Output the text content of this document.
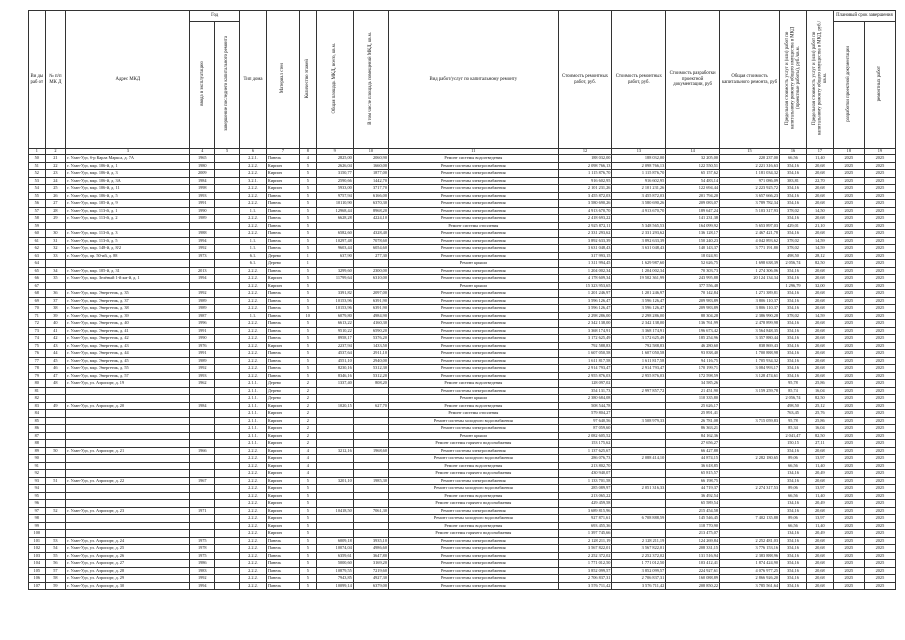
Ви ды раб от	№ п/п МК Д	Адрес МКД	Год		Тип дома	Материал стен	Количество этажей	Общая площадь МКД, всего, кв.м.	В том числе площадь помещений МКД, кв.м.	Вид работ/услуг по капитальному ремонту	Стоимость ремонтных работ, руб.	Стоимость ремонтных работ, руб.	Стоимость разработки проектной документации, руб	Общая стоимость капитального ремонта, руб	Предельная стоимость услуг и (или) работ по капитальному ремонту общего имущества в МКД (проектные работы), руб./кв.м.	Предельная стоимость услуг и (или) работ по капитальному ремонту общего имущества в МКД, руб./кв.м.	Плановый срок завершения	
			ввода в эксплуатацию	завершение последнего капитального ремонта													разработки проектной документации	ремонтных работ
1	2	3	4	5	6	7	8	9	10	11	12	13	14	15	16	17	18	19
50	21	г. Улан-Удэ, б-р Карла Маркса, д. 7А	1965		2.2.1.	Панель	4	2825,00	2060,90	Ремонт системы водоотведения	188 032,00	188 032,00	32 205,00	220 237,00	66,56	11,40	2025	2025
51	22	г. Улан-Удэ, мкр. 106-й, д. 1	1980		2.2.2.	Кирпич	5	2626,04	1660,00	Ремонт системы электроснабжения	2 098 766,13	2 098 766,13	122 550,51	2 221 316,63	354,16	20,68	2025	2025
52	23	г. Улан-Удэ, мкр. 106-й, д. 3	2009		2.2.2.	Кирпич	5	3150,77	1877,00	Ремонт системы электроснабжения	1 115 876,70	1 115 876,70	65 157,62	1 181 034,32	354,16	20,68	2025	2025
53	24	г. Улан-Удэ, мкр. 106-й, д. 3А	1984		3.2.1.	Кирпич	5	2590,66	1442,70	Ремонт системы электроснабжения	916 602,95	916 602,95	54 483,14	971 086,09	383,81	22,70	2025	2025
54	25	г. Улан-Удэ, мкр. 106-й, д. 11	1998		2.2.2.	Кирпич	5	5933,00	3717,70	Ремонт системы электроснабжения	2 101 231,26	2 101 231,26	122 694,44	2 223 925,72	354,16	20,68	2025	2025
55	26	г. Улан-Удэ, мкр. 106-й, д. 5	1993		2.2.2.	Панель	5	9757,94	6166,00	Ремонт системы электроснабжения	3 455 872,03	3 455 872,03	201 794,20	3 657 666,23	354,16	20,68	2025	2025
56	27	г. Улан-Удэ, мкр. 105-й, д. 9	1991		2.2.2.	Панель	5	10110,90	6370,30	Ремонт системы электроснабжения	3 580 690,26	3 580 690,26	209 083,07	3 789 782,34	354,16	20,68	2025	2025
57	28	г. Улан-Удэ, мкр. 113-й, д. 1	1990		1.1.	Панель	5	12968,44	8968,20	Ремонт системы электроснабжения	4 913 670,70	4 913 670,70	189 647,24	5 103 317,93	378,02	14,50	2025	2025
58	29	г. Улан-Удэ, мкр. 113-й, д. 2	1989		2.2.2.	Панель	5	6628,28	4224,10	Ремонт системы электроснабжения	2 418 693,22		141 231,38		354,16	20,68	2025	2025
59					2.2.2.	Панель	5			Ремонт системы отопления	2 925 872,11	5 348 565,53	164 099,92	5 653 897,03	429,01	21,10	2025	2025
60	30	г. Улан-Удэ, мкр. 113-й, д. 3	1988		2.2.2.	Панель	5	6582,60	4328,40	Ремонт системы электроснабжения	2 331 293,62	2 331 293,62	136 128,17	2 467 421,78	354,16	20,68	2025	2025
61	31	г. Улан-Удэ, мкр. 113-й, д. 5	1994		1.1.	Панель	5	10297,48	7078,60	Ремонт системы электроснабжения	3 892 633,39	3 892 633,39	150 240,23	4 042 893,62	378,02	14,59	2025	2025
62	32	г. Улан-Удэ, мкр. 148-й, д. 8/2	1992		1.1.	Панель	5	9603,44	6054,60	Ремонт системы электроснабжения	3 631 048,43	3 631 048,43	140 143,37	3 771 191,80	378,02	14,59	2025	2025
63	33	г. Улан-Удэ, пр. 50-ий, д. 88	1973		6.1.	Дерево	1	637,90	277,30	Ремонт системы электроснабжения	317 993,15		18 024,91		498,50	28,12	2025	2025
64					6.1.	Дерево	1			Ремонт крыши	1 311 994,45	1 629 987,60	52 626,75	1 698 638,39	2 056,74	82,50	2025	2025
65	34	г. Улан-Удэ, мкр. 105-й, д. 31	2013		2.2.2.	Панель	5	3299,60	2300,00	Ремонт системы электроснабжения	1 204 002,34	1 204 002,34	70 303,73	1 274 306,06	354,16	20,68	2025	2025
66	35	г. Улан-Удэ, мкр. Зелёный 1-й км-й, д. 1	1994		2.2.2.	Кирпич	5	11799,64	6310,00	Ремонт системы электроснабжения	4 178 609,34	19 502 361,99	243 995,88	20 124 134,34	354,16	20,68	2025	2025
67					2.2.2.	Кирпич	5			Ремонт крыши	15 323 953,65		377 556,48		1 296,79	32,00	2025	2025
68	36	г. Улан-Удэ, мкр. Энергетик, д. 35	1992		2.2.2.	Панель	5	3391,82	2097,00	Ремонт системы электроснабжения	1 201 246,97	1 201 246,97	70 142,84	1 271 389,81	354,16	20,68	2025	2025
69	37	г. Улан-Удэ, мкр. Энергетик, д. 37	1989		2.2.2.	Панель	5	10153,96	6391,90	Ремонт системы электроснабжения	3 596 126,47	3 596 126,47	209 983,89	3 806 110,37	354,16	20,68	2025	2025
70	38	г. Улан-Удэ, мкр. Энергетик, д. 38	1989		2.2.2.	Панель	5	10153,96	6391,90	Ремонт системы электроснабжения	3 596 126,47	3 596 126,47	209 983,89	3 806 110,37	354,16	20,68	2025	2025
71	39	г. Улан-Удэ, мкр. Энергетик, д. 39	1987		1.1.	Панель	10	6079,80	4984,90	Ремонт системы электроснабжения	2 298 286,00	2 298 286,00	88 304,28	2 386 990,28	378,02	14,59	2025	2025
72	40	г. Улан-Удэ, мкр. Энергетик, д. 40	1996		2.2.2.	Панель	5	6613,22	4160,30	Ремонт системы электроснабжения	2 342 138,00	2 342 138,00	136 761,99	2 478 899,98	354,16	20,68	2025	2025
73	41	г. Улан-Удэ, мкр. Энергетик, д. 41	1991		2.2.2.	Панель	5	9510,22	6590,20	Ремонт системы электроснабжения	3 368 174,91	3 368 174,91	196 673,42	3 564 848,35	354,16	20,68	2025	2025
74	42	г. Улан-Удэ, мкр. Энергетик, д. 42	1990		2.2.2.	Панель	5	8958,17	5376,20	Ремонт системы электроснабжения	3 172 625,49	3 172 625,49	185 254,96	3 357 880,44	354,16	20,68	2025	2025
75	43	г. Улан-Удэ, мкр. Энергетик, д. 43	1976		2.2.2.	Кирпич	5	2237,94	1433,50	Ремонт системы электроснабжения	792 588,83	792 588,83	46 280,60	838 869,43	354,16	20,68	2025	2025
76	44	г. Улан-Удэ, мкр. Энергетик, д. 44	1991		2.2.2.	Панель	5	4537,64	2911,10	Ремонт системы электроснабжения	1 607 050,58	1 607 050,58	93 838,40	1 700 888,98	354,16	20,68	2025	2025
77	45	г. Улан-Удэ, мкр. Энергетик, д. 45	1989		2.2.2.	Панель	5	4551,10	2940,00	Ремонт системы электроснабжения	1 611 817,58	1 611 817,58	94 116,75	1 705 934,32	354,16	20,68	2025	2025
78	46	г. Улан-Удэ, мкр. Энергетик, д. 55	1992		2.2.2.	Панель	5	8230,16	5312,30	Ремонт системы электроснабжения	2 914 793,47	2 914 793,47	170 199,71	3 084 993,17	354,16	20,68	2025	2025
79	47	г. Улан-Удэ, мкр. Энергетик, д. 57	1993		2.2.2.	Панель	5	8346,16	5312,20	Ремонт системы электроснабжения	2 955 876,03	2 955 876,03	172 598,59	3 128 474,61	354,16	20,68	2025	2025
80	48	г. Улан-Удэ, ул. Аэропорт, д. 19	1962		2.1.1.	Дерево	2	1337,40	808,20	Ремонт системы водоотведения	128 097,02		34 585,26		95,78	25,86	2025	2025
81					2.1.1.	Дерево	2			Ремонт системы электроснабжения	354 131,73	2 997 857,72	21 451,90	3 159 259,78	85,74	16,04	2025	2025
82					2.1.1.	Дерево	2			Ремонт крыши	2 380 684,08		110 335,80		2 056,74	82,50	2025	2025
83	49	г. Улан-Удэ, ул. Аэропорт, д. 20	1984		2.1.1.	Кирпич	2	1020,15	627,70	Ремонт системы водоотведения	508 544,78		25 626,17		498,50	25,12	2025	2025
84					2.1.1.	Кирпич	2			Ремонт системы отопления	579 804,27		25 891,41		763,45	25,76	2025	2025
85					2.1.1.	Кирпич	2			Ремонт системы холодного водоснабжения	97 640,56	3 508 979,33	26 781,08	3 715 059,83	95,78	25,86	2025	2025
86					2.1.1.	Кирпич	2			Ремонт системы электроснабжения	87 059,60		86 363,21		85,34	16,04	2025	2025
87					2.1.1.	Кирпич	2			Ремонт крыши	2 082 605,52		84 162,36		2 041,47	82,50	2025	2025
88					2.1.1.	Кирпич	2			Ремонт системы горячего водоснабжения	153 175,62		27 656,27		150,15	27,11	2025	2025
89	50	г. Улан-Удэ, ул. Аэропорт, д. 21	1966		2.2.2.	Кирпич	4	3212,16	1968,60	Ремонт системы электроснабжения	1 137 625,67		66 427,88		354,16	20,68	2025	2025
90					2.2.2.	Кирпич	4			Ремонт системы холодного водоснабжения	286 076,73	2 088 414,10	44 874,15	2 282 180,65	89,06	13,97	2025	2025
91					2.2.2.	Кирпич	4			Ремонт системы водоотведения	213 802,70		36 618,85		66,56	11,40	2025	2025
92					2.2.2.	Кирпич	4			Ремонт системы горячего водоснабжения	430 940,07		65 815,57		134,16	20,49	2025	2025
93	51	г. Улан-Удэ, ул. Аэропорт, д. 22	1967		2.2.2.	Кирпич	5	3201,10	1985,30	Ремонт системы электроснабжения	1 133 701,58		66 198,75		354,16	20,68	2025	2025
94					2.2.2.	Кирпич	5			Ремонт системы холодного водоснабжения	285 089,97	2 051 316,33	44 719,37	2 274 317,53	89,06	13,97	2025	2025
95					2.2.2.	Кирпич	5			Ремонт системы водоотведения	213 065,22		36 492,54		66,56	11,40	2025	2025
96					2.2.2.	Кирпич	5			Ремонт системы горячего водоснабжения	429 459,58		65 589,54		134,16	20,49	2025	2025
97	52	г. Улан-Удэ, ул. Аэропорт, д. 23	1971		2.2.2.	Кирпич	5	10418,50	7061,30	Ремонт системы электроснабжения	3 689 815,96		215 454,58		354,16	20,68	2025	2025
98					2.2.2.	Кирпич	5			Ремонт системы холодного водоснабжения	927 871,61	6 708 888,59	145 546,45	7 402 135,88	89,06	13,97	2025	2025
99					2.2.2.	Кирпич	5			Ремонт системы водоотведения	693 455,36		118 770,90		66,56	11,40	2025	2025
100					2.2.2.	Кирпич	5			Ремонт системы горячего водоснабжения	1 397 745,66		213 475,07		134,16	20,49	2025	2025
101	53	г. Улан-Удэ, ул. Аэропорт, д. 24	1975		2.2.2.	Панель	5	6009,18	3935,10	Ремонт системы электроснабжения	2 128 211,19	2 128 211,19	124 269,84	2 252 481,03	354,16	20,68	2025	2025
102	54	г. Улан-Удэ, ул. Аэропорт, д. 25	1978		2.2.2.	Панель	5	10074,04	4986,60	Ремонт системы электроснабжения	3 567 822,01	3 567 822,01	208 331,15	3 776 153,16	354,16	20,68	2025	2025
103	55	г. Улан-Удэ, ул. Аэропорт, д. 26	1975		2.2.2.	Панель	5	6359,61	3647,80	Ремонт системы электроснабжения	2 252 372,02	2 252 372,02	131 516,94	2 383 888,96	354,16	20,68	2025	2025
104	56	г. Улан-Удэ, ул. Аэропорт, д. 27	1986		2.2.2.	Панель	5	5000,60	3169,20	Ремонт системы электроснабжения	1 771 012,50	1 771 012,50	103 412,41	1 874 424,90	354,16	20,68	2025	2025
105	57	г. Улан-Удэ, ул. Аэропорт, д. 28	1983		2.2.2.	Панель	5	10879,55	7219,60	Ремонт системы электроснабжения	3 852 099,57	3 852 099,57	224 927,61	4 076 977,25	354,16	20,68	2025	2025
106	58	г. Улан-Удэ, ул. Аэропорт, д. 29	1992		2.2.2.	Панель	5	7943,85	4927,30	Ремонт системы электроснабжения	2 706 837,31	2 706 837,31	160 088,89	2 866 926,20	354,16	20,68	2025	2025
107	59	г. Улан-Удэ, ул. Аэропорт, д. 30	1994		2.2.2.	Панель	5	10099,14	6379,00	Ремонт системы электроснабжения	3 576 711,42	3 576 711,42	208 850,22	3 785 561,64	354,16	20,68	2025	2025
